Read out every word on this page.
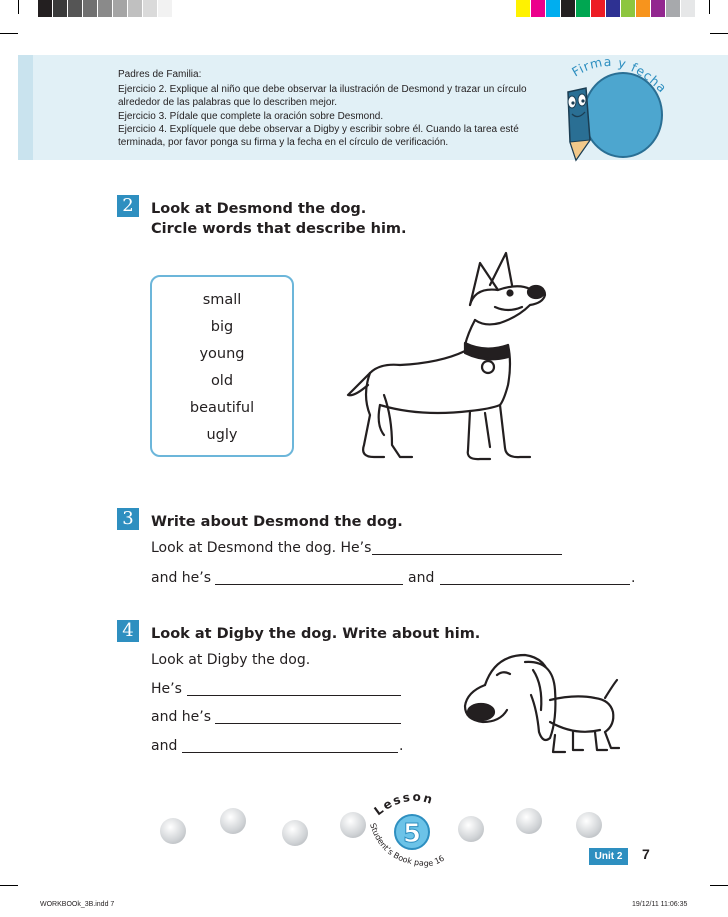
Padres de Familia:
Ejercicio 2. Explique al niño que debe observar la ilustración de Desmond y trazar un círculo
alrededor de las palabras que lo describen mejor.
Ejercicio 3. Pídale que complete la oración sobre Desmond.
Ejercicio 4. Explíquele que debe observar a Digby y escribir sobre él. Cuando la tarea esté
terminada, por favor ponga su firma y la fecha en el círculo de verificación.
Firma y fecha
2	Look at Desmond the dog.
Circle words that describe him.
small
big
young
old
beautiful
ugly
3	Write about Desmond the dog.
Look at Desmond the dog. He’s
and he’s	and	.
4	Look at Digby the dog. Write about him.
Look at Digby the dog.
He’s
and he’s
and	.
Lesson
5
Student’s Book page 16	Unit 2	7
WORKBOOk_3B.indd 7	19/12/11 11:06:35
